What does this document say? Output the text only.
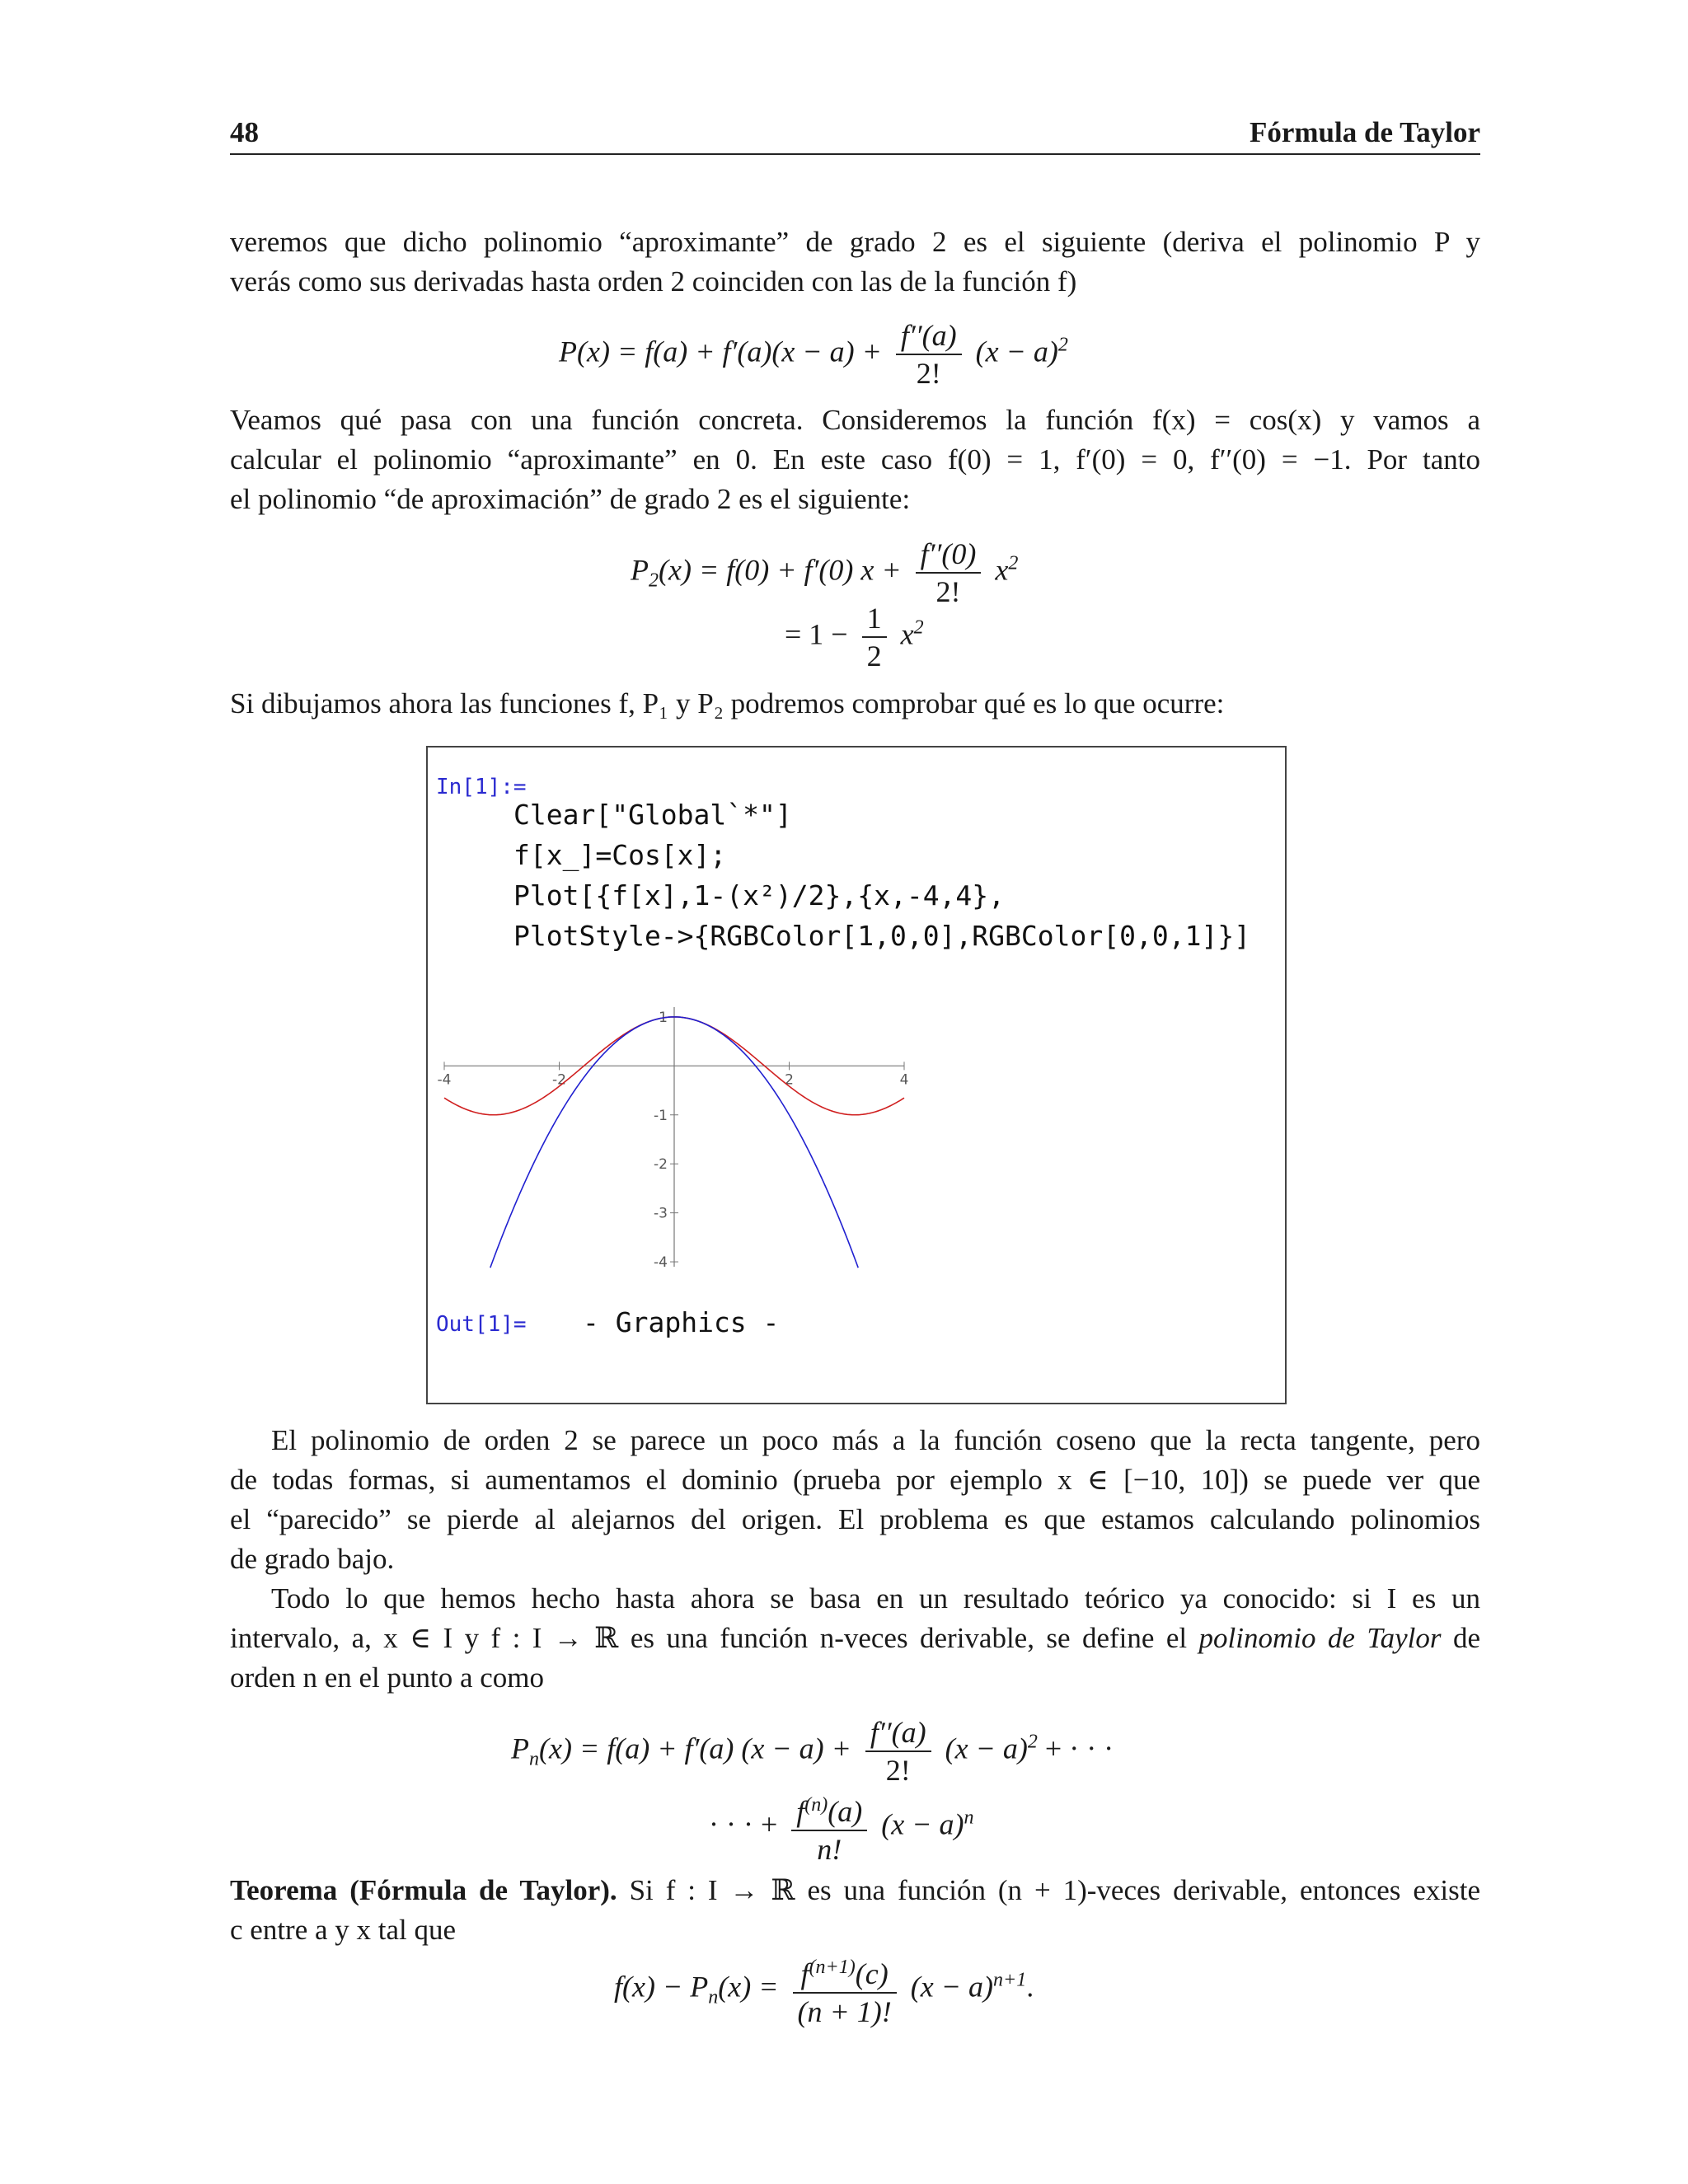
48	Fórmula de Taylor
veremos que dicho polinomio “aproximante” de grado 2 es el siguiente (deriva el polinomio P y
verás como sus derivadas hasta orden 2 coinciden con las de la función f)
$P(x) = f(a) + f'(a)(x - a) + \frac{f''(a)}{2!} (x - a)^2$
Veamos qué pasa con una función concreta. Consideremos la función f(x) = cos(x) y vamos a
calcular el polinomio “aproximante” en 0. En este caso f(0) = 1, f′(0) = 0, f′′(0) = −1. Por tanto
el polinomio “de aproximación” de grado 2 es el siguiente:
$P_2(x) = f(0) + f'(0) x + \frac{f''(0)}{2!} x^2$
= $1 - \frac{1}{2} x^2$
Si dibujamos ahora las funciones f, P₁ y P₂ podremos comprobar qué es lo que ocurre:
In[1]:=
Clear["Global`*"]
f[x_]=Cos[x];
Plot[{f[x],1-(x²)/2},{x,-4,4},
PlotStyle->{RGBColor[1,0,0],RGBColor[0,0,1]}]
-4	-2	2	4
1
-1
-2
-3
-4
Out[1]= - Graphics -
El polinomio de orden 2 se parece un poco más a la función coseno que la recta tangente, pero
de todas formas, si aumentamos el dominio (prueba por ejemplo x ∈ [−10, 10]) se puede ver que
el “parecido” se pierde al alejarnos del origen. El problema es que estamos calculando polinomios
de grado bajo.
Todo lo que hemos hecho hasta ahora se basa en un resultado teórico ya conocido: si I es un
intervalo, a, x ∈ I y f : I → ℝ es una función n-veces derivable, se define el polinomio de Taylor de
orden n en el punto a como
$P_n(x) = f(a) + f'(a) (x - a) + \frac{f''(a)}{2!} (x - a)^2$ + · · ·
· · · + $\frac{f^{(n)}(a)}{n!} (x - a)^n$
Teorema (Fórmula de Taylor). Si f : I → ℝ es una función (n + 1)-veces derivable, entonces existe
c entre a y x tal que
$f(x) - P_n(x) = \frac{f^{(n+1)}(c)}{(n + 1)!} (x - a)^{n+1}$.
